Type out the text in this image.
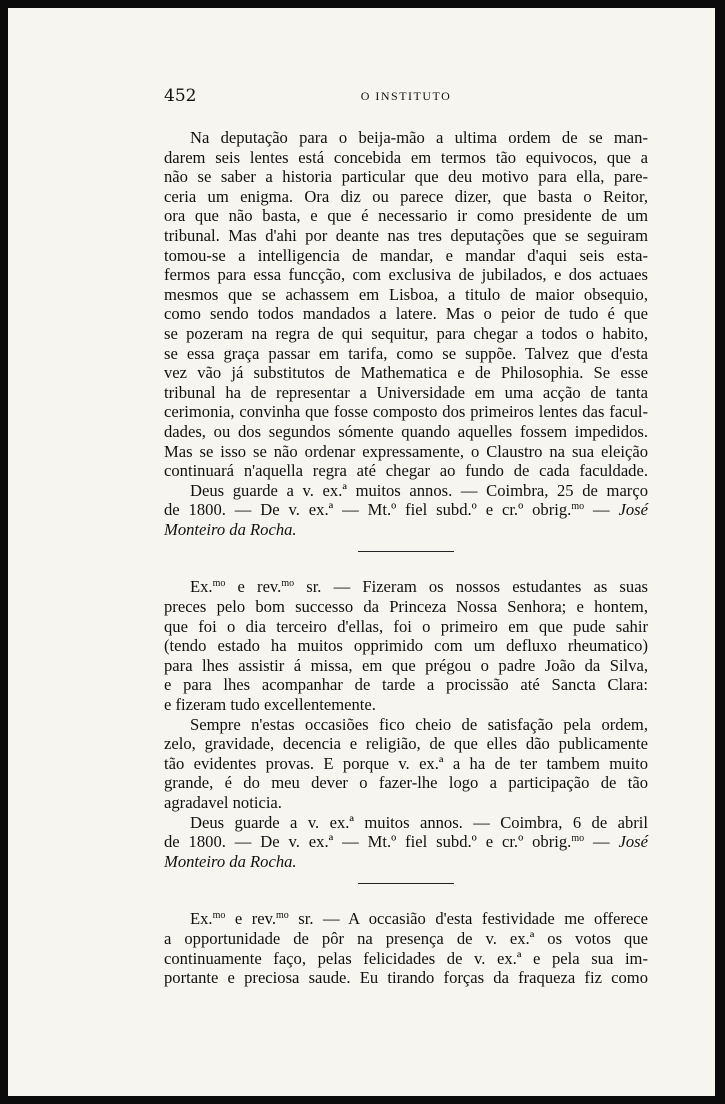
452	O INSTITUTO
Na deputação para o beija-mão a ultima ordem de se man-
darem seis lentes está concebida em termos tão equivocos, que a
não se saber a historia particular que deu motivo para ella, pare-
ceria um enigma. Ora diz ou parece dizer, que basta o Reitor,
ora que não basta, e que é necessario ir como presidente de um
tribunal. Mas d'ahi por deante nas tres deputações que se seguiram
tomou-se a intelligencia de mandar, e mandar d'aqui seis esta-
fermos para essa funcção, com exclusiva de jubilados, e dos actuaes
mesmos que se achassem em Lisboa, a titulo de maior obsequio,
como sendo todos mandados a latere. Mas o peior de tudo é que
se pozeram na regra de qui sequitur, para chegar a todos o habito,
se essa graça passar em tarifa, como se suppõe. Talvez que d'esta
vez vão já substitutos de Mathematica e de Philosophia. Se esse
tribunal ha de representar a Universidade em uma acção de tanta
cerimonia, convinha que fosse composto dos primeiros lentes das facul-
dades, ou dos segundos sómente quando aquelles fossem impedidos.
Mas se isso se não ordenar expressamente, o Claustro na sua eleição
continuará n'aquella regra até chegar ao fundo de cada faculdade.
Deus guarde a v. ex.ª muitos annos. — Coimbra, 25 de março
de 1800. — De v. ex.ª — Mt.º fiel subd.º e cr.º obrig.$^{mo}$ — José
Monteiro da Rocha.
Ex.$^{mo}$ e rev.$^{mo}$ sr. — Fizeram os nossos estudantes as suas
preces pelo bom successo da Princeza Nossa Senhora; e hontem,
que foi o dia terceiro d'ellas, foi o primeiro em que pude sahir
(tendo estado ha muitos opprimido com um defluxo rheumatico)
para lhes assistir á missa, em que prégou o padre João da Silva,
e para lhes acompanhar de tarde a procissão até Sancta Clara:
e fizeram tudo excellentemente.
Sempre n'estas occasiões fico cheio de satisfação pela ordem,
zelo, gravidade, decencia e religião, de que elles dão publicamente
tão evidentes provas. E porque v. ex.ª a ha de ter tambem muito
grande, é do meu dever o fazer-lhe logo a participação de tão
agradavel noticia.
Deus guarde a v. ex.ª muitos annos. — Coimbra, 6 de abril
de 1800. — De v. ex.ª — Mt.º fiel subd.º e cr.º obrig.$^{mo}$ — José
Monteiro da Rocha.
Ex.$^{mo}$ e rev.$^{mo}$ sr. — A occasião d'esta festividade me offerece
a opportunidade de pôr na presença de v. ex.ª os votos que
continuamente faço, pelas felicidades de v. ex.ª e pela sua im-
portante e preciosa saude. Eu tirando forças da fraqueza fiz como
